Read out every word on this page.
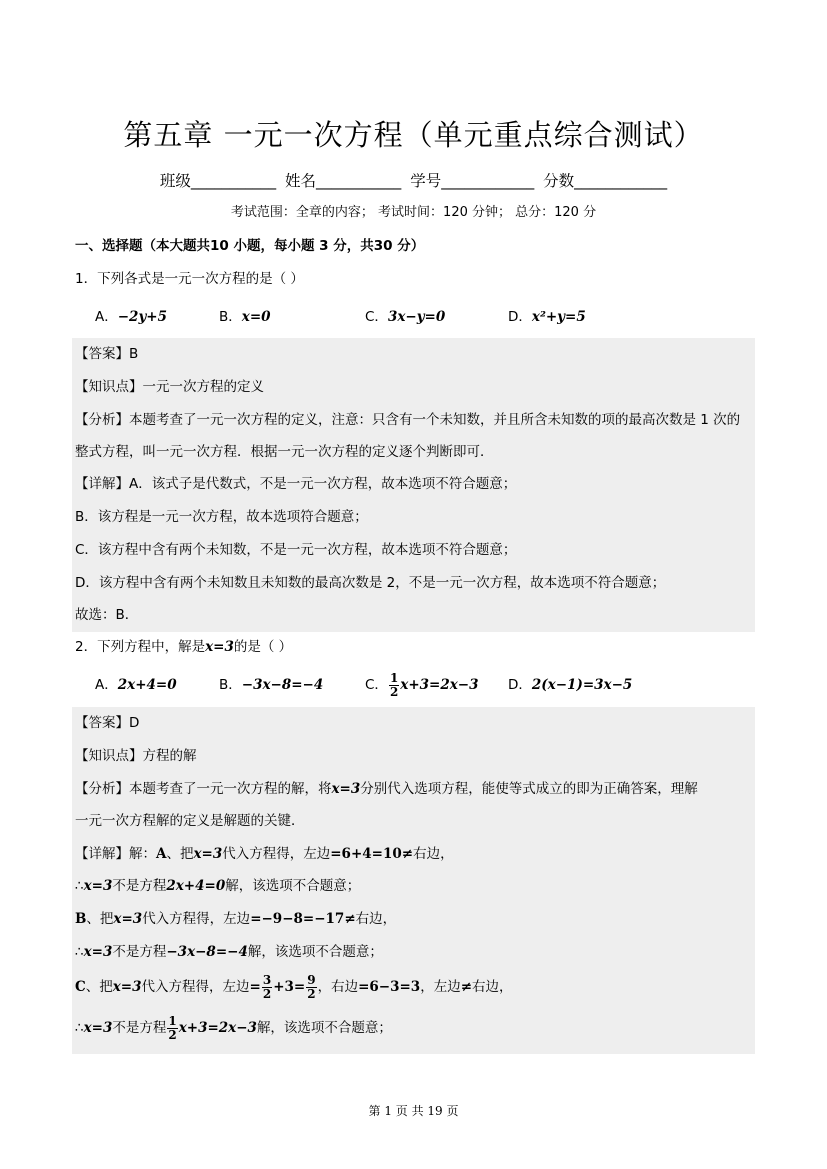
第五章 一元一次方程（单元重点综合测试）
班级___________ 姓名___________ 学号____________ 分数____________
考试范围：全章的内容； 考试时间：120 分钟； 总分：120 分
一、选择题（本大题共10 小题，每小题 3 分，共30 分）
1．下列各式是一元一次方程的是（ ）
A．−2y+5	B．x=0	C．3x−y=0	D．x²+y=5
【答案】B
【知识点】一元一次方程的定义
【分析】本题考查了一元一次方程的定义，注意：只含有一个未知数，并且所含未知数的项的最高次数是 1 次的整式方程，叫一元一次方程．根据一元一次方程的定义逐个判断即可．
【详解】A．该式子是代数式，不是一元一次方程，故本选项不符合题意；
B．该方程是一元一次方程，故本选项符合题意；
C．该方程中含有两个未知数，不是一元一次方程，故本选项不符合题意；
D．该方程中含有两个未知数且未知数的最高次数是 2，不是一元一次方程，故本选项不符合题意；
故选：B．
2．下列方程中，解是x=3的是（ ）
A．2x+4=0	B．−3x−8=−4	C． $\frac{1}{2} x+3=2x-3$ D．2(x−1)=3x−5
【答案】D
【知识点】方程的解
【分析】本题考查了一元一次方程的解，将x=3分别代入选项方程，能使等式成立的即为正确答案，理解
一元一次方程解的定义是解题的关键．
【详解】解：A、把x=3代入方程得，左边=6+4=10≠右边，
∴x=3不是方程2x+4=0解，该选项不合题意；
B、把x=3代入方程得，左边=−9−8=−17≠右边，
∴x=3不是方程−3x−8=−4解，该选项不合题意；
C、把x=3代入方程得，左边= $\frac{3}{2} +3= \frac{9}{2}$ ，右边=6−3=3，左边≠右边，
∴x=3不是方程 $\frac{1}{2} x+3=2x-3$解，该选项不合题意；
第 1 页 共 19 页
